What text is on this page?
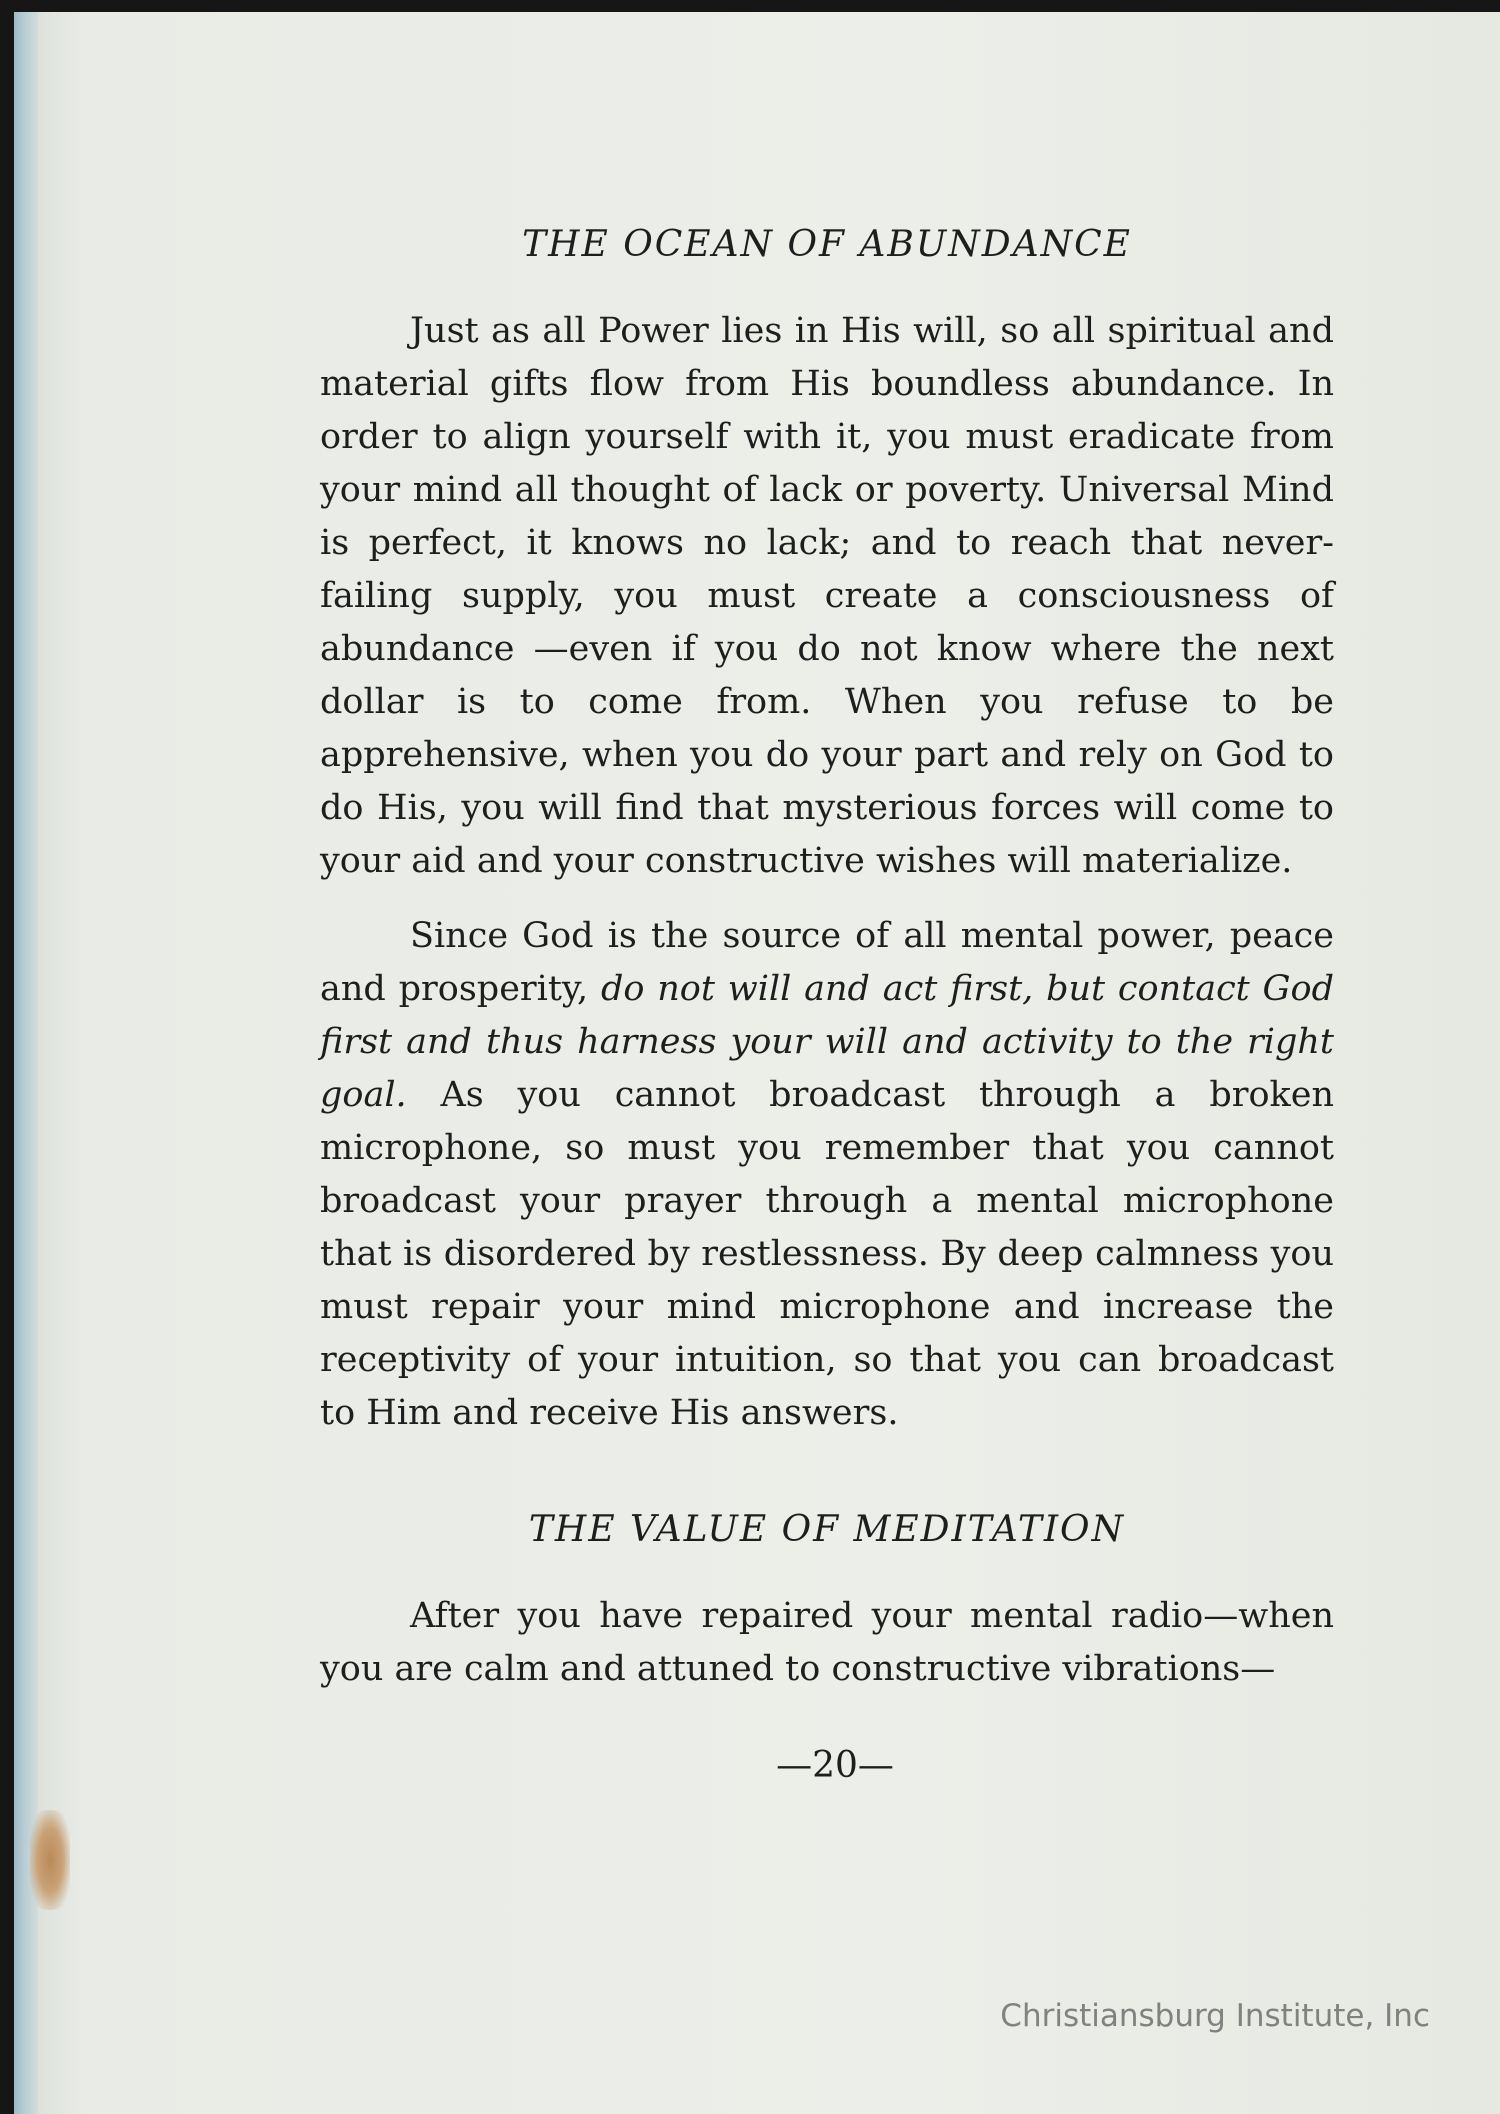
THE OCEAN OF ABUNDANCE

Just as all Power lies in His will, so all spiritual and material gifts flow from His boundless abundance. In order to align yourself with it, you must eradicate from your mind all thought of lack or poverty. Universal Mind is perfect, it knows no lack; and to reach that never-failing supply, you must create a consciousness of abundance —even if you do not know where the next dollar is to come from. When you refuse to be apprehensive, when you do your part and rely on God to do His, you will find that mysterious forces will come to your aid and your constructive wishes will materialize.

Since God is the source of all mental power, peace and prosperity, do not will and act first, but contact God first and thus harness your will and activity to the right goal. As you cannot broadcast through a broken microphone, so must you remember that you cannot broadcast your prayer through a mental microphone that is disordered by restlessness. By deep calmness you must repair your mind microphone and increase the receptivity of your intuition, so that you can broadcast to Him and receive His answers.

THE VALUE OF MEDITATION

After you have repaired your mental radio—when you are calm and attuned to constructive vibrations—

—20—
Christiansburg Institute, Inc
